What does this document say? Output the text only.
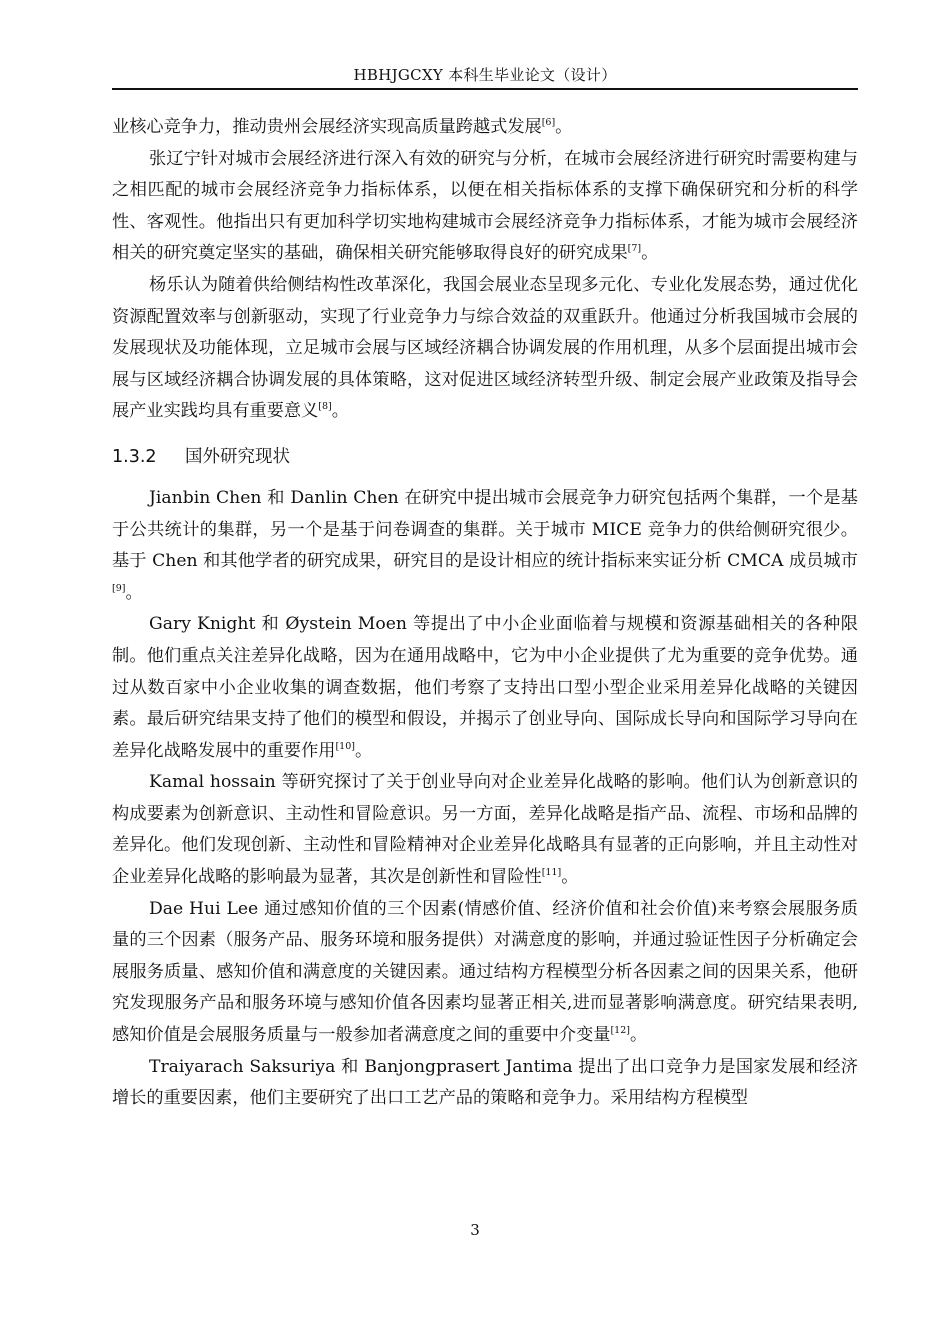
HBHJGCXY 本科生毕业论文（设计）

业核心竞争力，推动贵州会展经济实现高质量跨越式发展[6]。

张辽宁针对城市会展经济进行深入有效的研究与分析，在城市会展经济进行研究时需要构建与之相匹配的城市会展经济竞争力指标体系，以便在相关指标体系的支撑下确保研究和分析的科学性、客观性。他指出只有更加科学切实地构建城市会展经济竞争力指标体系，才能为城市会展经济相关的研究奠定坚实的基础，确保相关研究能够取得良好的研究成果[7]。

杨乐认为随着供给侧结构性改革深化，我国会展业态呈现多元化、专业化发展态势，通过优化资源配置效率与创新驱动，实现了行业竞争力与综合效益的双重跃升。他通过分析我国城市会展的发展现状及功能体现，立足城市会展与区域经济耦合协调发展的作用机理，从多个层面提出城市会展与区域经济耦合协调发展的具体策略，这对促进区域经济转型升级、制定会展产业政策及指导会展产业实践均具有重要意义[8]。

1.3.2 国外研究现状

Jianbin Chen 和 Danlin Chen 在研究中提出城市会展竞争力研究包括两个集群，一个是基于公共统计的集群，另一个是基于问卷调查的集群。关于城市 MICE 竞争力的供给侧研究很少。基于 Chen 和其他学者的研究成果，研究目的是设计相应的统计指标来实证分析 CMCA 成员城市[9]。

Gary Knight 和 Øystein Moen 等提出了中小企业面临着与规模和资源基础相关的各种限制。他们重点关注差异化战略，因为在通用战略中，它为中小企业提供了尤为重要的竞争优势。通过从数百家中小企业收集的调查数据，他们考察了支持出口型小型企业采用差异化战略的关键因素。最后研究结果支持了他们的模型和假设，并揭示了创业导向、国际成长导向和国际学习导向在差异化战略发展中的重要作用[10]。

Kamal hossain 等研究探讨了关于创业导向对企业差异化战略的影响。他们认为创新意识的构成要素为创新意识、主动性和冒险意识。另一方面，差异化战略是指产品、流程、市场和品牌的差异化。他们发现创新、主动性和冒险精神对企业差异化战略具有显著的正向影响，并且主动性对企业差异化战略的影响最为显著，其次是创新性和冒险性[11]。

Dae Hui Lee 通过感知价值的三个因素(情感价值、经济价值和社会价值)来考察会展服务质量的三个因素（服务产品、服务环境和服务提供）对满意度的影响，并通过验证性因子分析确定会展服务质量、感知价值和满意度的关键因素。通过结构方程模型分析各因素之间的因果关系，他研究发现服务产品和服务环境与感知价值各因素均显著正相关,进而显著影响满意度。研究结果表明,感知价值是会展服务质量与一般参加者满意度之间的重要中介变量[12]。

Traiyarach Saksuriya 和 Banjongprasert Jantima 提出了出口竞争力是国家发展和经济增长的重要因素，他们主要研究了出口工艺产品的策略和竞争力。采用结构方程模型

3
